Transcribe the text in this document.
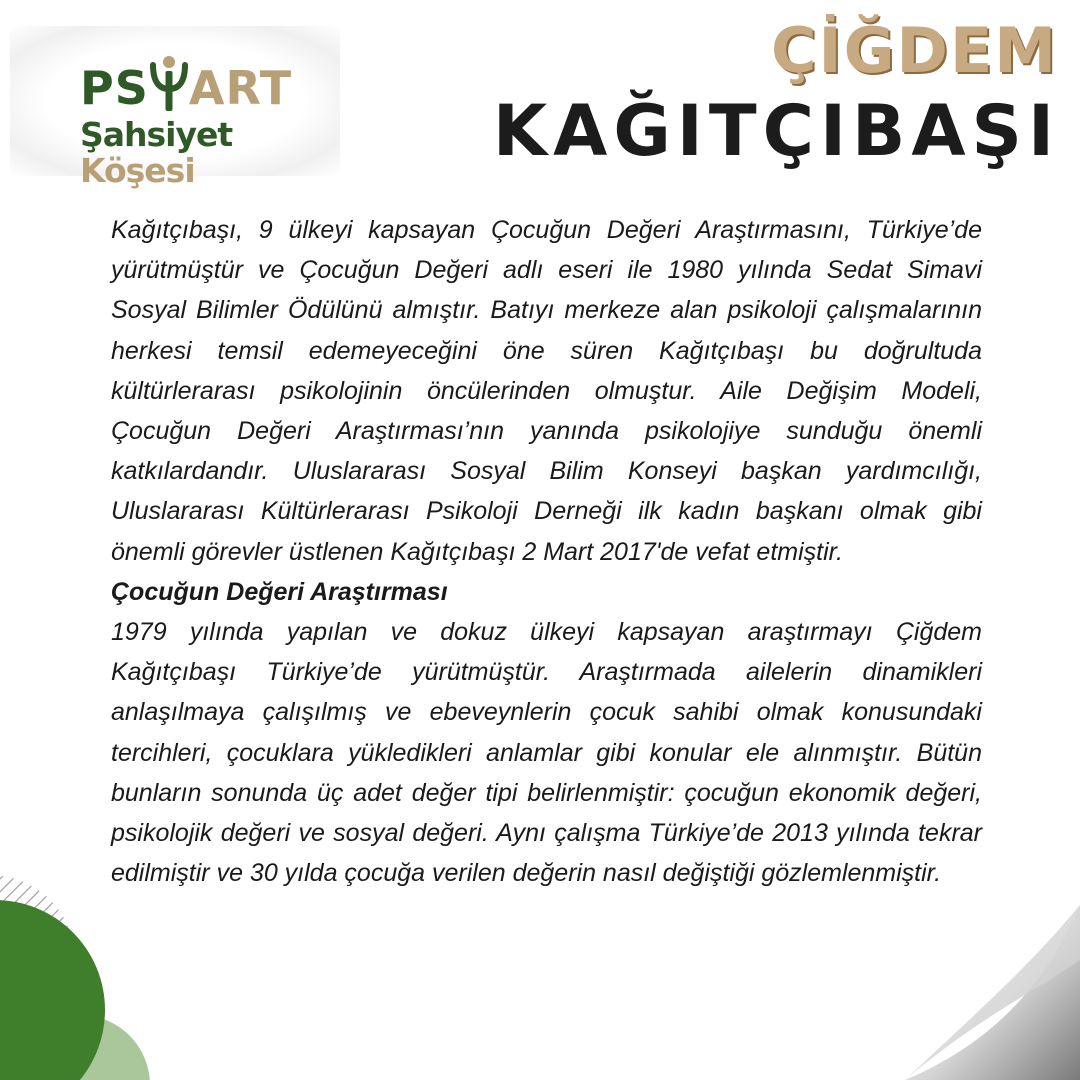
PS ART
Şahsiyet Köşesi
ÇİĞDEM
KAĞITÇIBAŞI

Kağıtçıbaşı, 9 ülkeyi kapsayan Çocuğun Değeri Araştırmasını, Türkiye’de yürütmüştür ve Çocuğun Değeri adlı eseri ile 1980 yılında Sedat Simavi Sosyal Bilimler Ödülünü almıştır. Batıyı merkeze alan psikoloji çalışmalarının herkesi temsil edemeyeceğini öne süren Kağıtçıbaşı bu doğrultuda kültürlerarası psikolojinin öncülerinden olmuştur. Aile Değişim Modeli, Çocuğun Değeri Araştırması’nın yanında psikolojiye sunduğu önemli katkılardandır. Uluslararası Sosyal Bilim Konseyi başkan yardımcılığı, Uluslararası Kültürlerarası Psikoloji Derneği ilk kadın başkanı olmak gibi önemli görevler üstlenen Kağıtçıbaşı 2 Mart 2017'de vefat etmiştir.

Çocuğun Değeri Araştırması

1979 yılında yapılan ve dokuz ülkeyi kapsayan araştırmayı Çiğdem Kağıtçıbaşı Türkiye’de yürütmüştür. Araştırmada ailelerin dinamikleri anlaşılmaya çalışılmış ve ebeveynlerin çocuk sahibi olmak konusundaki tercihleri, çocuklara yükledikleri anlamlar gibi konular ele alınmıştır. Bütün bunların sonunda üç adet değer tipi belirlenmiştir: çocuğun ekonomik değeri, psikolojik değeri ve sosyal değeri. Aynı çalışma Türkiye’de 2013 yılında tekrar edilmiştir ve 30 yılda çocuğa verilen değerin nasıl değiştiği gözlemlenmiştir.
